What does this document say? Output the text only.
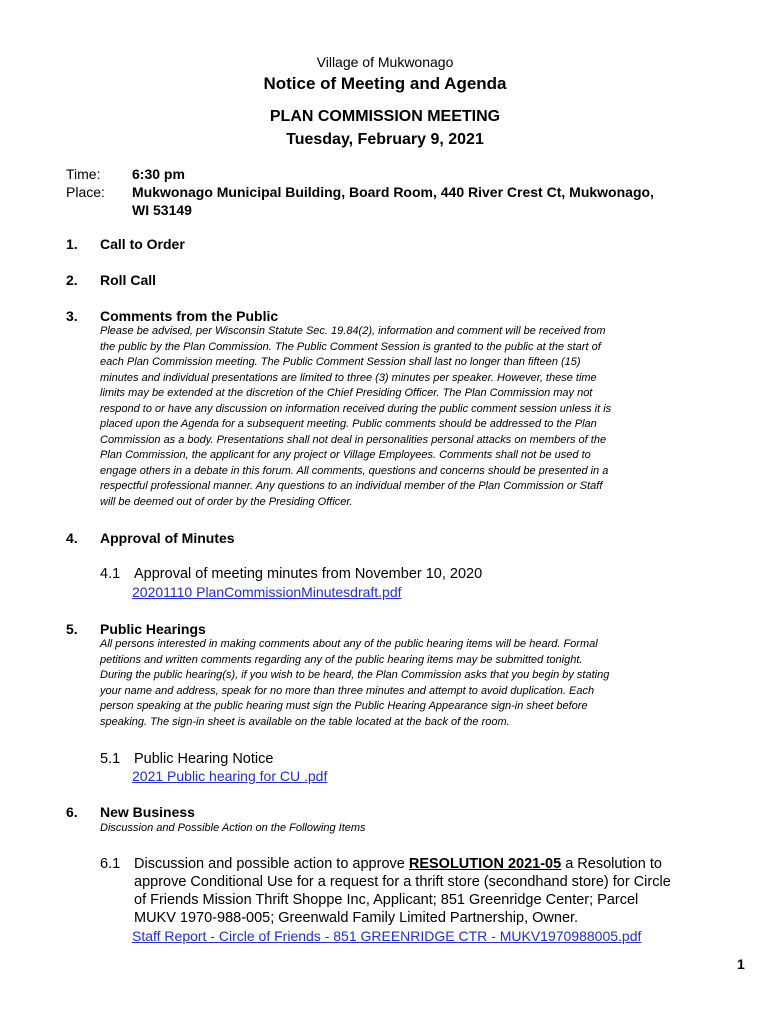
Village of Mukwonago
Notice of Meeting and Agenda
PLAN COMMISSION MEETING
Tuesday, February 9, 2021
Time: 6:30 pm
Place: Mukwonago Municipal Building, Board Room, 440 River Crest Ct, Mukwonago,
WI 53149
1. Call to Order
2. Roll Call
3. Comments from the Public
Please be advised, per Wisconsin Statute Sec. 19.84(2), information and comment will be received from
the public by the Plan Commission. The Public Comment Session is granted to the public at the start of
each Plan Commission meeting. The Public Comment Session shall last no longer than fifteen (15)
minutes and individual presentations are limited to three (3) minutes per speaker. However, these time
limits may be extended at the discretion of the Chief Presiding Officer. The Plan Commission may not
respond to or have any discussion on information received during the public comment session unless it is
placed upon the Agenda for a subsequent meeting. Public comments should be addressed to the Plan
Commission as a body. Presentations shall not deal in personalities personal attacks on members of the
Plan Commission, the applicant for any project or Village Employees. Comments shall not be used to
engage others in a debate in this forum. All comments, questions and concerns should be presented in a
respectful professional manner. Any questions to an individual member of the Plan Commission or Staff
will be deemed out of order by the Presiding Officer.
4. Approval of Minutes
4.1 Approval of meeting minutes from November 10, 2020
20201110 PlanCommissionMinutesdraft.pdf
5. Public Hearings
All persons interested in making comments about any of the public hearing items will be heard. Formal
petitions and written comments regarding any of the public hearing items may be submitted tonight.
During the public hearing(s), if you wish to be heard, the Plan Commission asks that you begin by stating
your name and address, speak for no more than three minutes and attempt to avoid duplication. Each
person speaking at the public hearing must sign the Public Hearing Appearance sign-in sheet before
speaking. The sign-in sheet is available on the table located at the back of the room.
5.1 Public Hearing Notice
2021 Public hearing for CU .pdf
6. New Business
Discussion and Possible Action on the Following Items
6.1 Discussion and possible action to approve RESOLUTION 2021-05 a Resolution to
approve Conditional Use for a request for a thrift store (secondhand store) for Circle
of Friends Mission Thrift Shoppe Inc, Applicant; 851 Greenridge Center; Parcel
MUKV 1970-988-005; Greenwald Family Limited Partnership, Owner.
Staff Report - Circle of Friends - 851 GREENRIDGE CTR - MUKV1970988005.pdf
1
